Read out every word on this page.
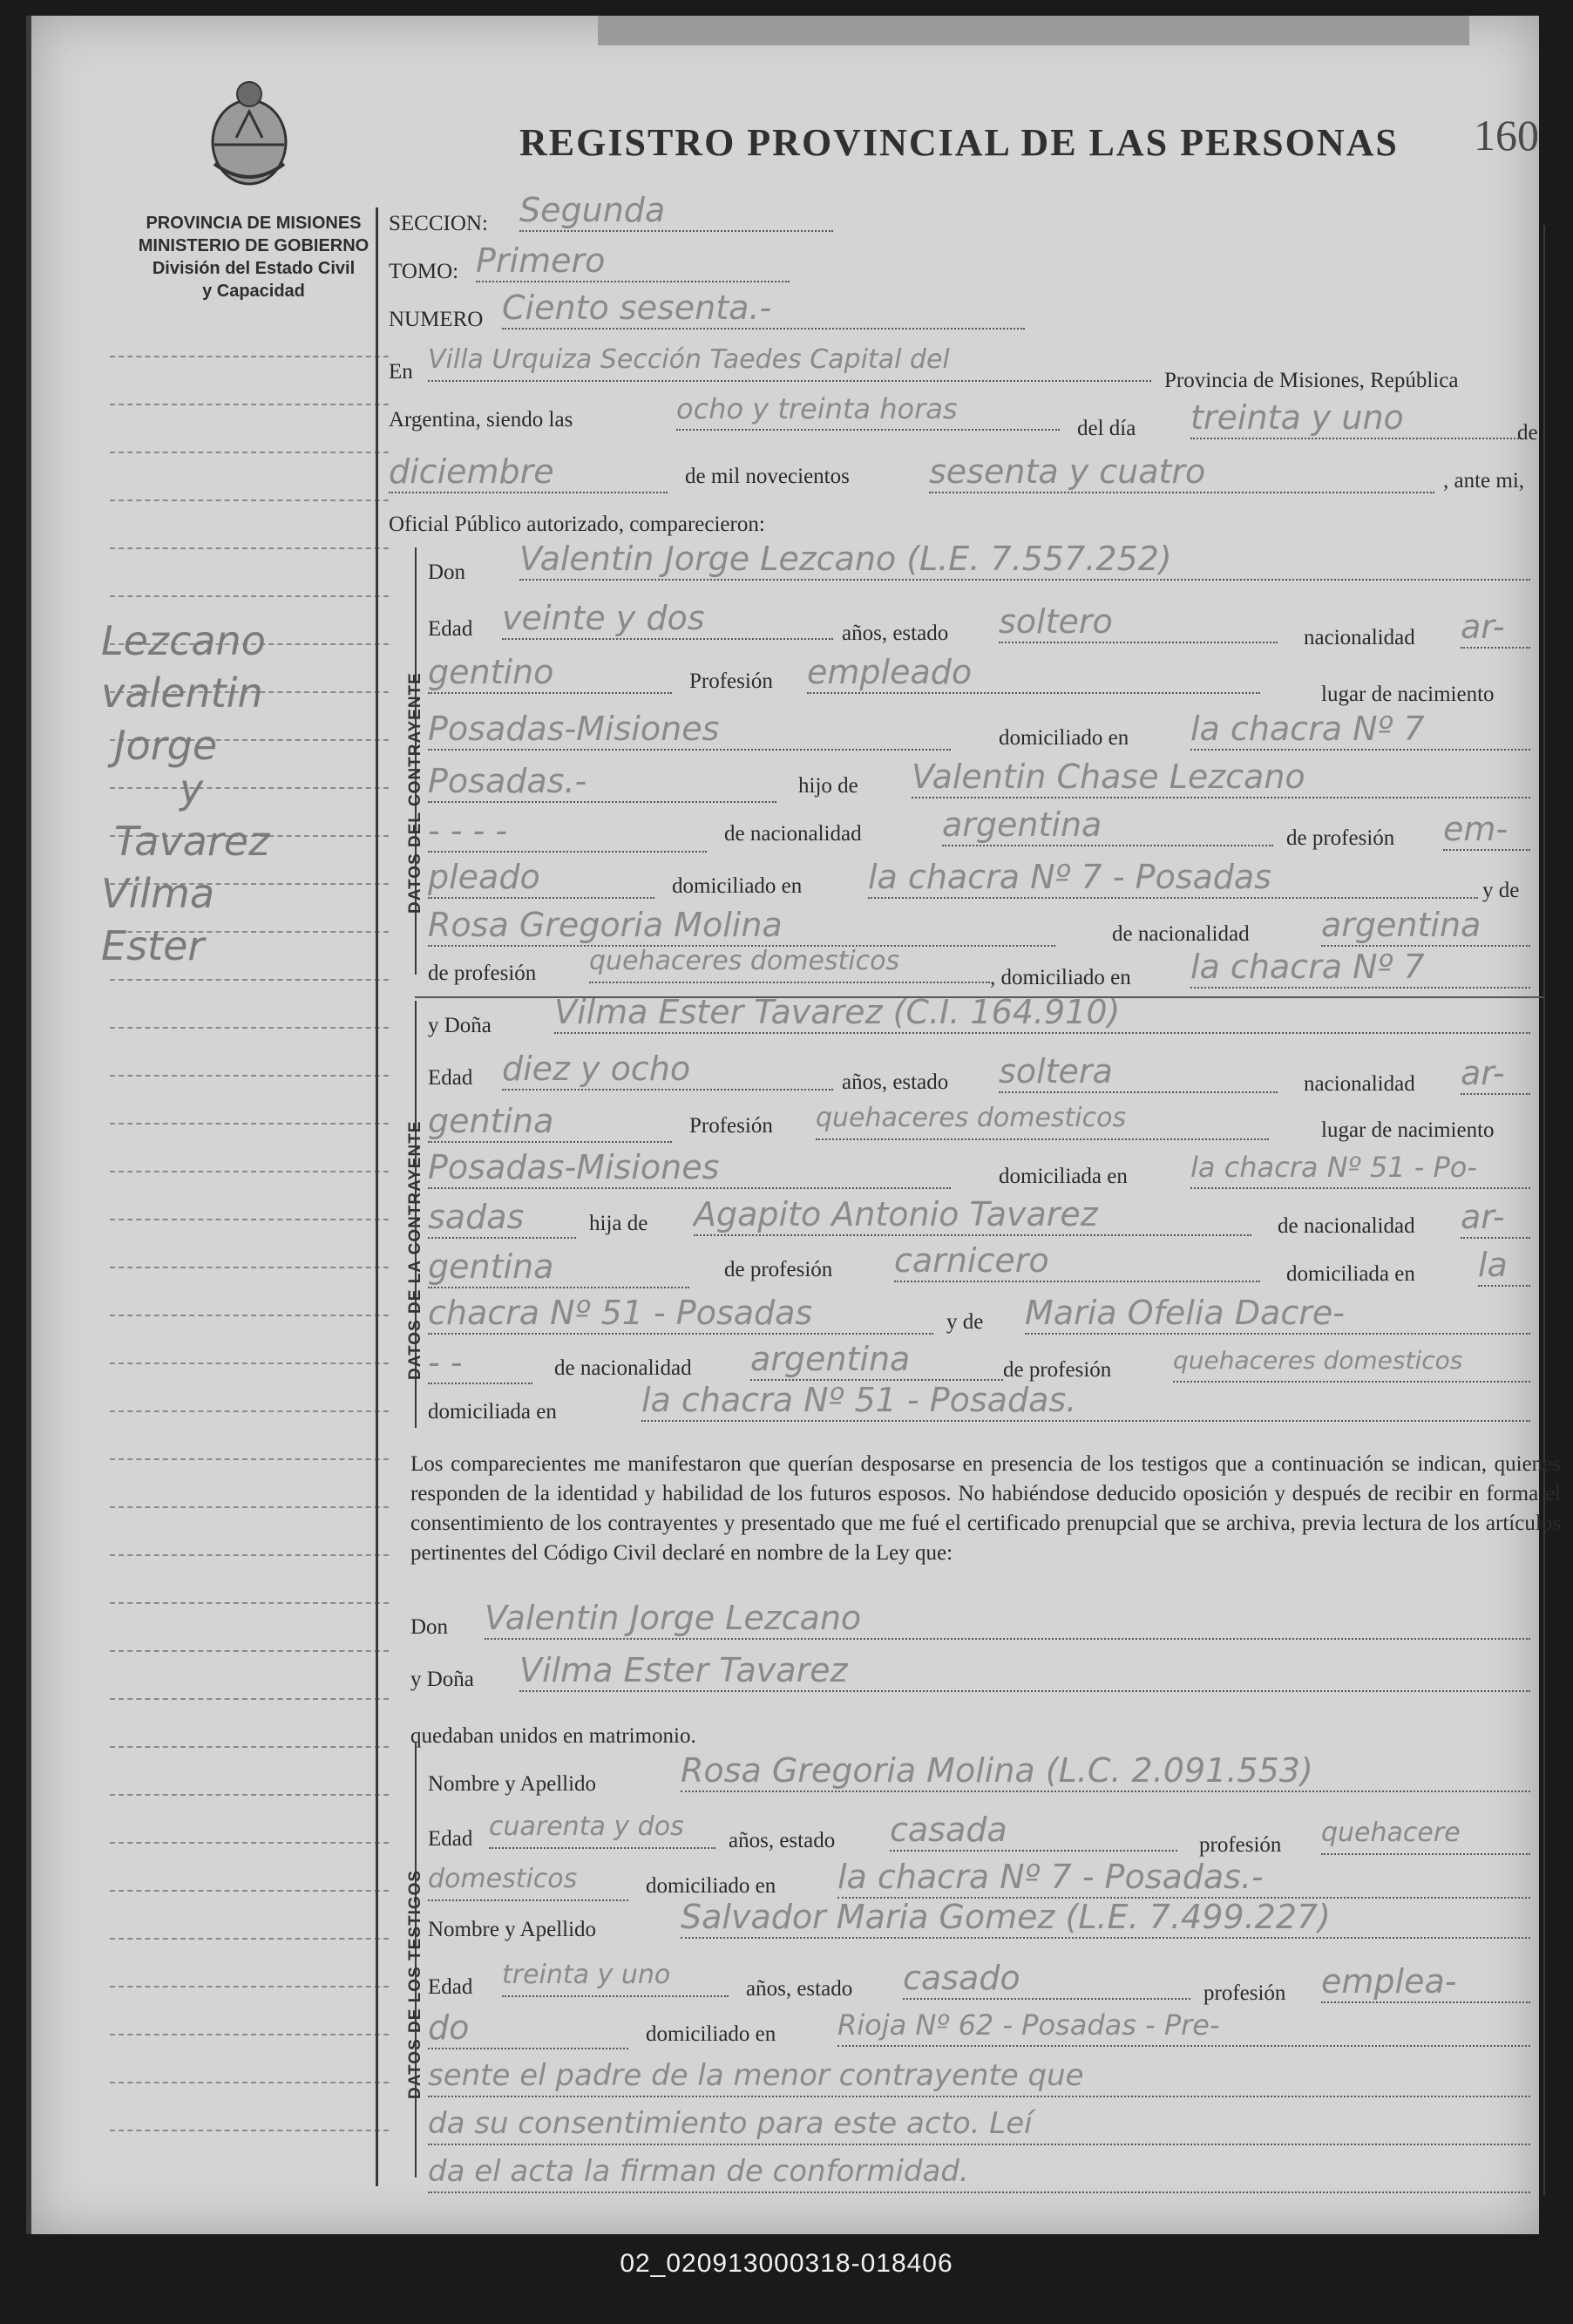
PROVINCIA DE MISIONES
MINISTERIO DE GOBIERNO
División del Estado Civil
y Capacidad
REGISTRO PROVINCIAL DE LAS PERSONAS 160
Lezcano
valentin
Jorge
y
Tavarez
Vilma
Ester
SECCION: Segunda
TOMO: Primero
NUMERO Ciento sesenta.-
En Villa Urquiza Sección Taedes Capital del
Provincia de Misiones, República
Argentina, siendo las	ocho y treinta horas
del día treinta y uno	de
diciembre	de mil novecientos sesenta y cuatro	, ante mi,
Oficial Público autorizado, comparecieron:
DATOS DEL CONTRAYENTE
Don Valentin Jorge Lezcano (L.E. 7.557.252)
Edad veinte y dos	años, estado soltero	nacionalidad ar-
gentino	Profesión empleado
lugar de nacimiento
Posadas-Misiones	domiciliado en la chacra Nº 7
Posadas.-	hijo de Valentin Chase Lezcano
- - - -	de nacionalidad argentina	de profesión em-
pleado	domiciliado en la chacra Nº 7 - Posadas	y de
Rosa Gregoria Molina	de nacionalidad argentina
de profesión quehaceres domesticos
, domiciliado en la chacra Nº 7
DATOS DE LA CONTRAYENTE
y Doña Vilma Ester Tavarez (C.I. 164.910)
Edad diez y ocho	años, estado soltera	nacionalidad ar-
gentina	Profesión quehaceres domesticos	lugar de nacimiento
Posadas-Misiones	domiciliada en la chacra Nº 51 - Po-
sadas	hija de Agapito Antonio Tavarez	de nacionalidad ar-
gentina	de profesión carnicero	domiciliada en la
chacra Nº 51 - Posadas	y de Maria Ofelia Dacre-
- -	de nacionalidad argentina	de profesión	quehaceres domesticos
domiciliada en	la chacra Nº 51 - Posadas.
Los comparecientes me manifestaron que querían desposarse en presencia de los testigos que a continuación se indican, quienes responden de la identidad y habilidad de los futuros esposos. No habiéndose deducido oposición y después de recibir en forma el consentimiento de los contrayentes y presentado que me fué el certificado prenupcial que se archiva, previa lectura de los artículos pertinentes del Código Civil declaré en nombre de la Ley que:
Don Valentin Jorge Lezcano
y Doña Vilma Ester Tavarez
quedaban unidos en matrimonio.
DATOS DE LOS TESTIGOS
Nombre y Apellido	Rosa Gregoria Molina (L.C. 2.091.553)
Edad cuarenta y dos	años, estado casada	profesión quehacere
domesticos	domiciliado en la chacra Nº 7 - Posadas.-
Nombre y Apellido	Salvador Maria Gomez (L.E. 7.499.227)
Edad treinta y uno	años, estado casado	profesión emplea-
do	domiciliado en Rioja Nº 62 - Posadas - Pre-
sente el padre de la menor contrayente que
da su consentimiento para este acto. Leí
da el acta la firman de conformidad.
02_020913000318-018406
